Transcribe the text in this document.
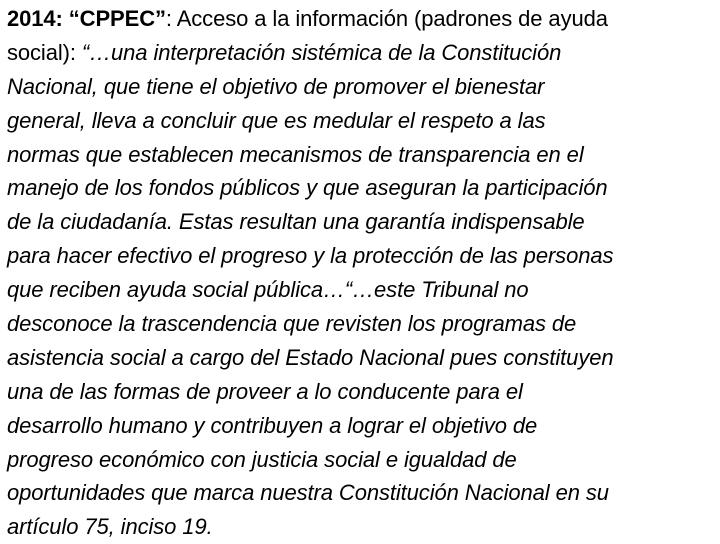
2014: “CPPEC”: Acceso a la información (padrones de ayuda
social): “…una interpretación sistémica de la Constitución
Nacional, que tiene el objetivo de promover el bienestar
general, lleva a concluir que es medular el respeto a las
normas que establecen mecanismos de transparencia en el
manejo de los fondos públicos y que aseguran la participación
de la ciudadanía. Estas resultan una garantía indispensable
para hacer efectivo el progreso y la protección de las personas
que reciben ayuda social pública…“…este Tribunal no
desconoce la trascendencia que revisten los programas de
asistencia social a cargo del Estado Nacional pues constituyen
una de las formas de proveer a lo conducente para el
desarrollo humano y contribuyen a lograr el objetivo de
progreso económico con justicia social e igualdad de
oportunidades que marca nuestra Constitución Nacional en su
artículo 75, inciso 19.
